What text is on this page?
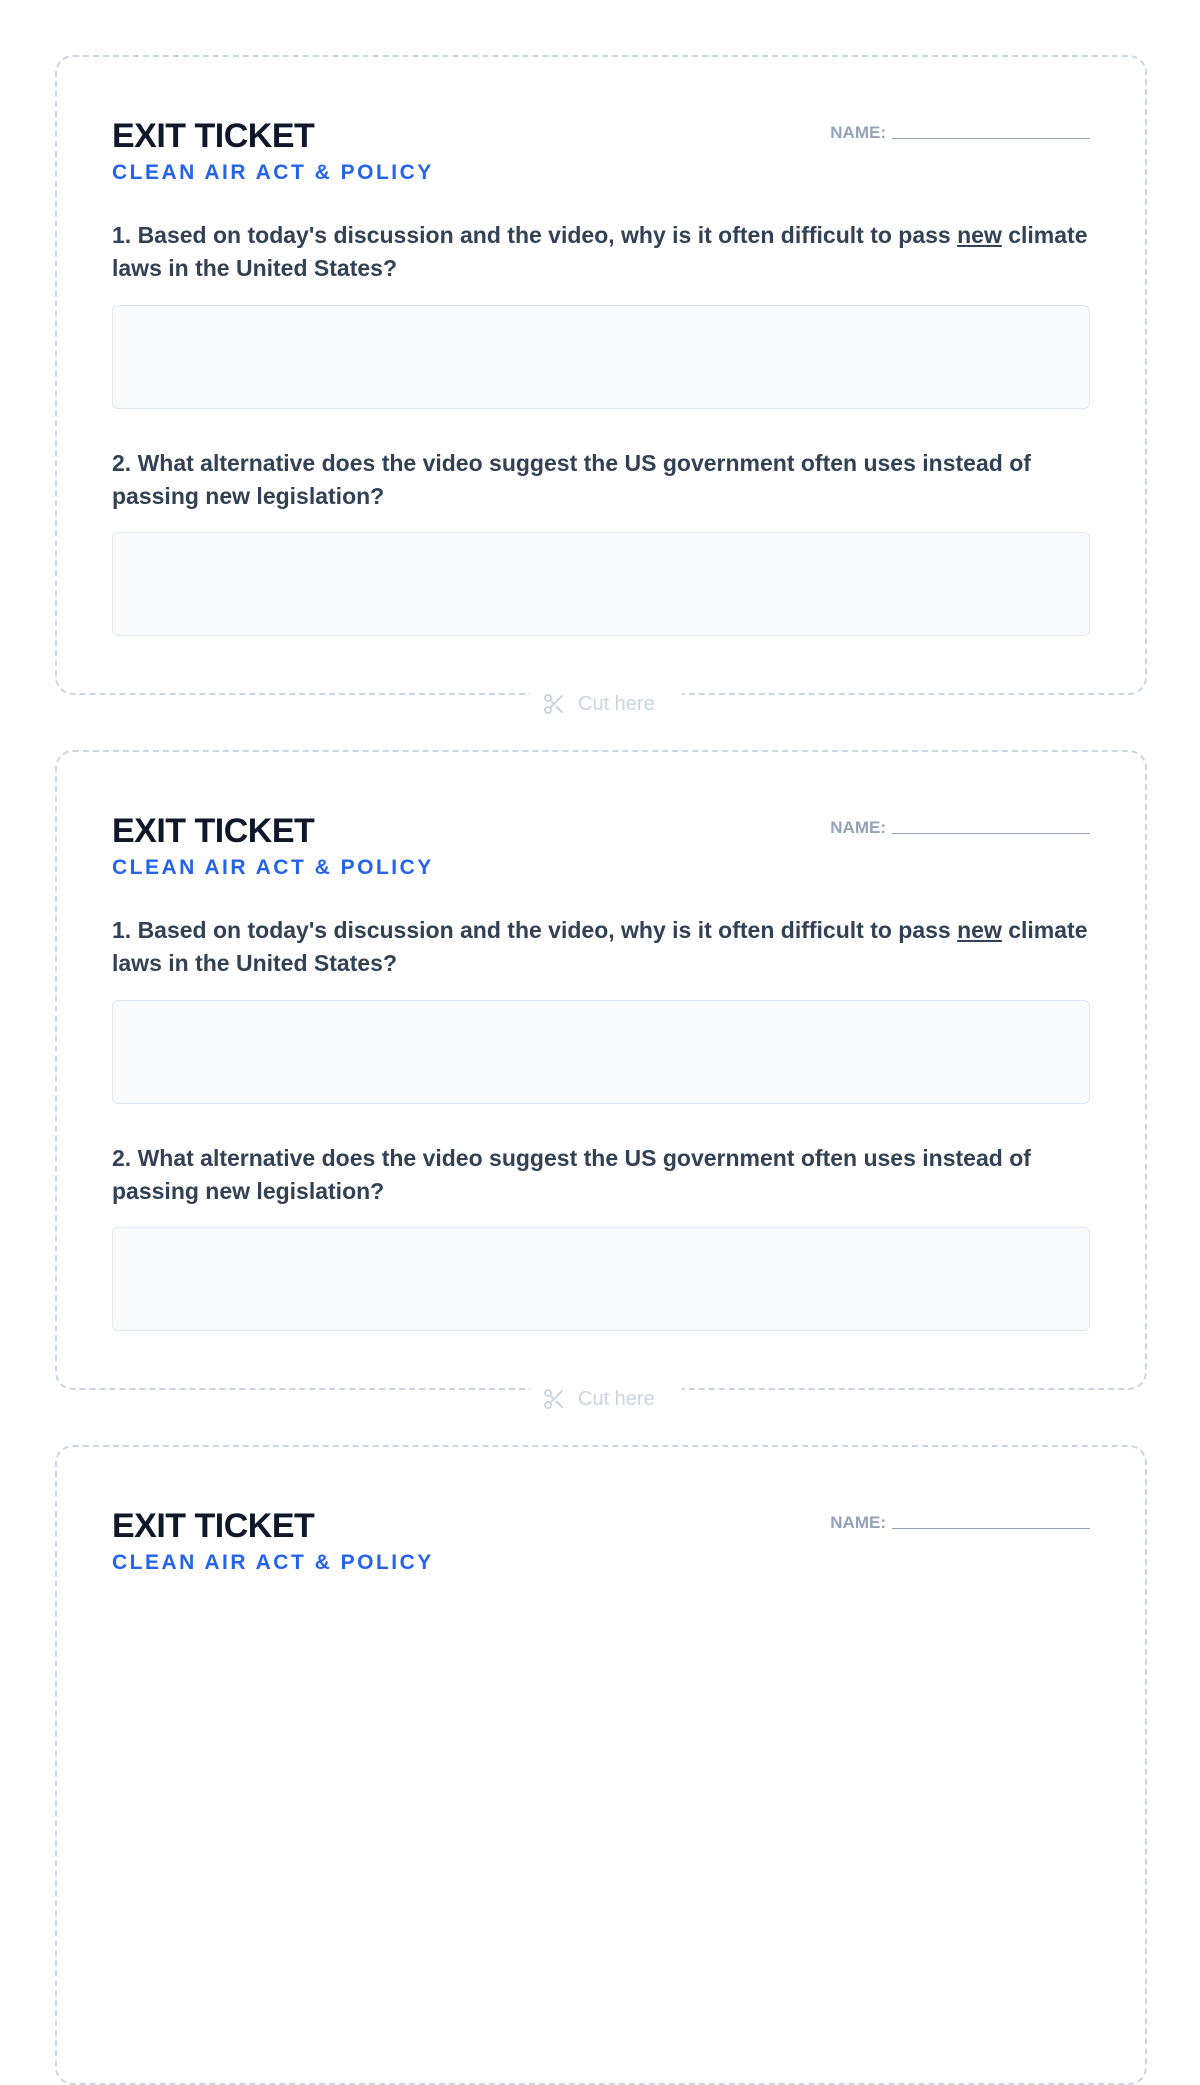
EXIT TICKET
CLEAN AIR ACT & POLICY
NAME:
1. Based on today's discussion and the video, why is it often difficult to pass new climate laws in the United States?
2. What alternative does the video suggest the US government often uses instead of passing new legislation?
Cut here
EXIT TICKET
CLEAN AIR ACT & POLICY
NAME:
1. Based on today's discussion and the video, why is it often difficult to pass new climate laws in the United States?
2. What alternative does the video suggest the US government often uses instead of passing new legislation?
Cut here
EXIT TICKET
CLEAN AIR ACT & POLICY
NAME:
